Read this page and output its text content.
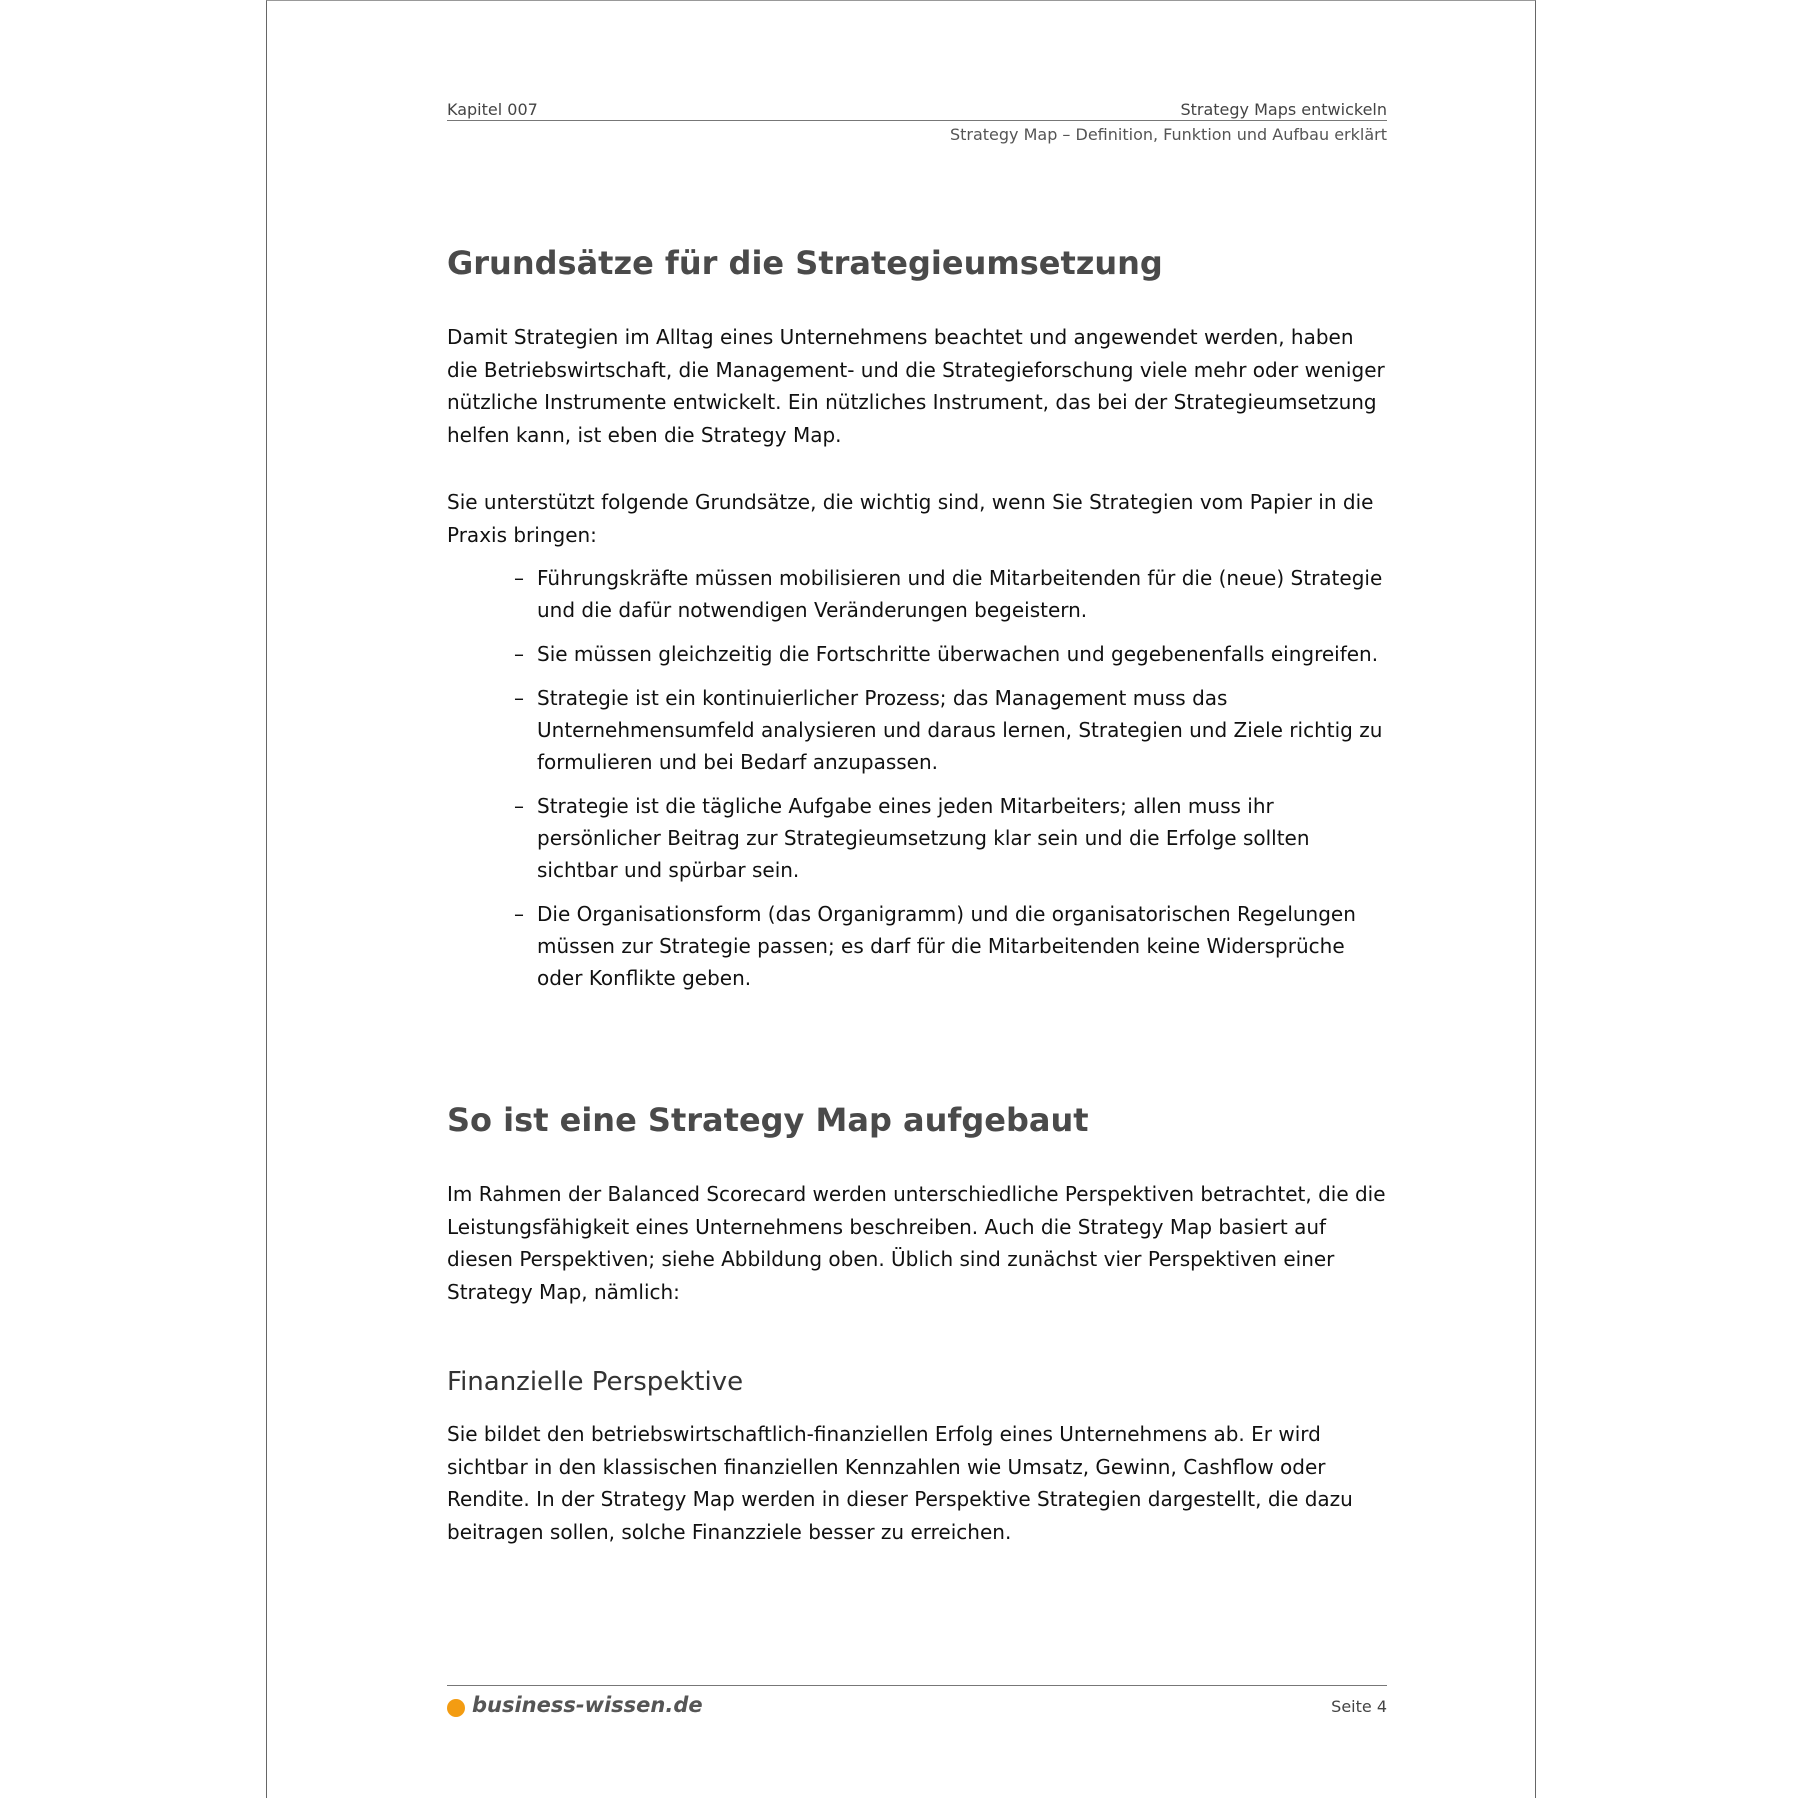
Kapitel 007	Strategy Maps entwickeln
Strategy Map – Definition, Funktion und Aufbau erklärt
Grundsätze für die Strategieumsetzung

Damit Strategien im Alltag eines Unternehmens beachtet und angewendet werden, haben die Betriebswirtschaft, die Management- und die Strategieforschung viele mehr oder weniger nützliche Instrumente entwickelt. Ein nützliches Instrument, das bei der Strategieumsetzung helfen kann, ist eben die Strategy Map.

Sie unterstützt folgende Grundsätze, die wichtig sind, wenn Sie Strategien vom Papier in die Praxis bringen:

– Führungskräfte müssen mobilisieren und die Mitarbeitenden für die (neue) Strategie und die dafür notwendigen Veränderungen begeistern.
– Sie müssen gleichzeitig die Fortschritte überwachen und gegebenenfalls eingreifen.
– Strategie ist ein kontinuierlicher Prozess; das Management muss das Unternehmensumfeld analysieren und daraus lernen, Strategien und Ziele richtig zu formulieren und bei Bedarf anzupassen.
– Strategie ist die tägliche Aufgabe eines jeden Mitarbeiters; allen muss ihr persönlicher Beitrag zur Strategieumsetzung klar sein und die Erfolge sollten sichtbar und spürbar sein.
– Die Organisationsform (das Organigramm) und die organisatorischen Regelungen müssen zur Strategie passen; es darf für die Mitarbeitenden keine Widersprüche oder Konflikte geben.
So ist eine Strategy Map aufgebaut

Im Rahmen der Balanced Scorecard werden unterschiedliche Perspektiven betrachtet, die die Leistungsfähigkeit eines Unternehmens beschreiben. Auch die Strategy Map basiert auf diesen Perspektiven; siehe Abbildung oben. Üblich sind zunächst vier Perspektiven einer Strategy Map, nämlich:

Finanzielle Perspektive

Sie bildet den betriebswirtschaftlich-finanziellen Erfolg eines Unternehmens ab. Er wird sichtbar in den klassischen finanziellen Kennzahlen wie Umsatz, Gewinn, Cashflow oder Rendite. In der Strategy Map werden in dieser Perspektive Strategien dargestellt, die dazu beitragen sollen, solche Finanzziele besser zu erreichen.

business-wissen.de	Seite 4
